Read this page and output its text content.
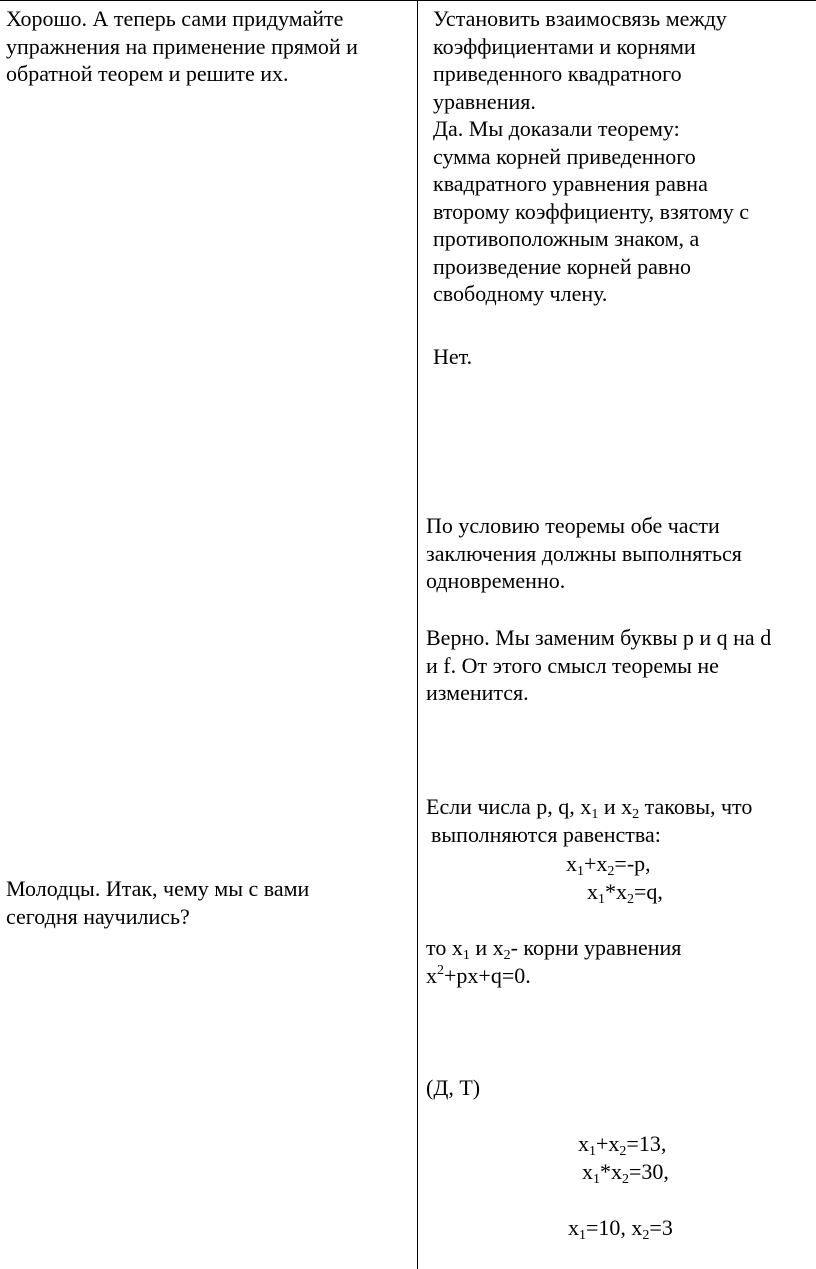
Хорошо. А теперь сами придумайте
упражнения на применение прямой и
обратной теорем и решите их.
Молодцы. Итак, чему мы с вами
сегодня научились?
Установить взаимосвязь между
коэффициентами и корнями
приведенного квадратного
уравнения.
Да. Мы доказали теорему:
сумма корней приведенного
квадратного уравнения равна
второму коэффициенту, взятому с
противоположным знаком, а
произведение корней равно
свободному члену.
Нет.
По условию теоремы обе части
заключения должны выполняться
одновременно.
Верно. Мы заменим буквы p и q на d
и f. От этого смысл теоремы не
изменится.
Если числа p, q, $x_1$ и $x_2$ таковы, что
выполняются равенства:
$x_1+x_2=-p$,
$x_1*x_2=q$,
то $x_1$ и $x_2-$ корни уравнения
$x^2+px+q=0$.
(Д, Т)
$x_1+x_2=13$,
$x_1*x_2=30$,
$x_1=10$, $x_2=3$
